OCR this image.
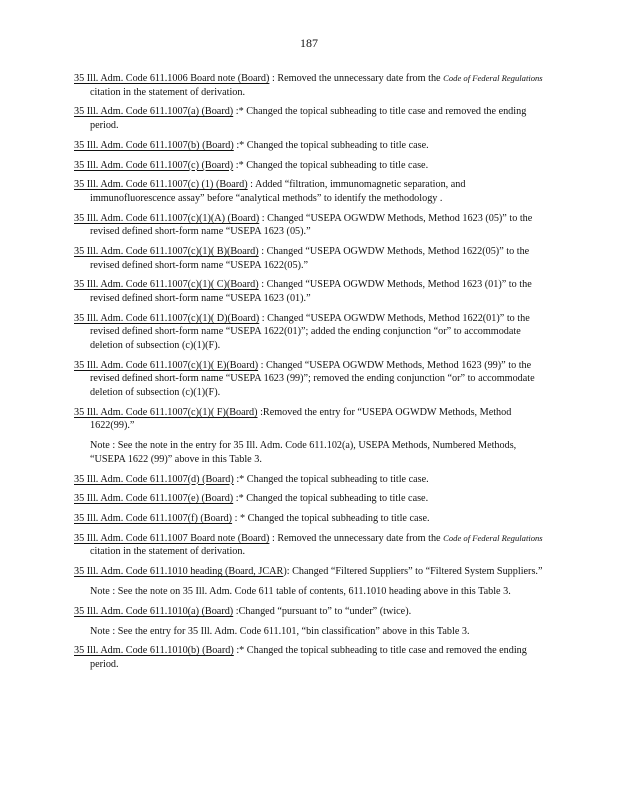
187
35 Ill. Adm. Code 611.1006 Board note (Board) : Removed the unnecessary date from the Code of Federal Regulations citation in the statement of derivation.
35 Ill. Adm. Code 611.1007(a) (Board) :* Changed the topical subheading to title case and removed the ending period.
35 Ill. Adm. Code 611.1007(b) (Board) :* Changed the topical subheading to title case.
35 Ill. Adm. Code 611.1007(c) (Board) :* Changed the topical subheading to title case.
35 Ill. Adm. Code 611.1007(c) (1) (Board) : Added “filtration, immunomagnetic separation, and immunofluorescence assay” before “analytical methods” to identify the methodology .
35 Ill. Adm. Code 611.1007(c)(1)(A) (Board) : Changed “USEPA OGWDW Methods, Method 1623 (05)” to the revised defined short-form name “USEPA 1623 (05).”
35 Ill. Adm. Code 611.1007(c)(1)( B)(Board) : Changed “USEPA OGWDW Methods, Method 1622(05)” to the revised defined short-form name “USEPA 1622(05).”
35 Ill. Adm. Code 611.1007(c)(1)( C)(Board) : Changed “USEPA OGWDW Methods, Method 1623 (01)” to the revised defined short-form name “USEPA 1623 (01).”
35 Ill. Adm. Code 611.1007(c)(1)( D)(Board) : Changed “USEPA OGWDW Methods, Method 1622(01)” to the revised defined short-form name “USEPA 1622(01)”; added the ending conjunction “or” to accommodate deletion of subsection (c)(1)(F).
35 Ill. Adm. Code 611.1007(c)(1)( E)(Board) : Changed “USEPA OGWDW Methods, Method 1623 (99)” to the revised defined short-form name “USEPA 1623 (99)”; removed the ending conjunction “or” to accommodate deletion of subsection (c)(1)(F).
35 Ill. Adm. Code 611.1007(c)(1)( F)(Board) :Removed the entry for “USEPA OGWDW Methods, Method 1622(99).”
Note : See the note in the entry for 35 Ill. Adm. Code 611.102(a), USEPA Methods, Numbered Methods, “USEPA 1622 (99)” above in this Table 3.
35 Ill. Adm. Code 611.1007(d) (Board) :* Changed the topical subheading to title case.
35 Ill. Adm. Code 611.1007(e) (Board) :* Changed the topical subheading to title case.
35 Ill. Adm. Code 611.1007(f) (Board) : * Changed the topical subheading to title case.
35 Ill. Adm. Code 611.1007 Board note (Board) : Removed the unnecessary date from the Code of Federal Regulations citation in the statement of derivation.
35 Ill. Adm. Code 611.1010 heading (Board, JCAR): Changed “Filtered Suppliers” to “Filtered System Suppliers.”
Note : See the note on 35 Ill. Adm. Code 611 table of contents, 611.1010 heading above in this Table 3.
35 Ill. Adm. Code 611.1010(a) (Board) :Changed “pursuant to” to “under” (twice).
Note : See the entry for 35 Ill. Adm. Code 611.101, “bin classification” above in this Table 3.
35 Ill. Adm. Code 611.1010(b) (Board) :* Changed the topical subheading to title case and removed the ending period.
